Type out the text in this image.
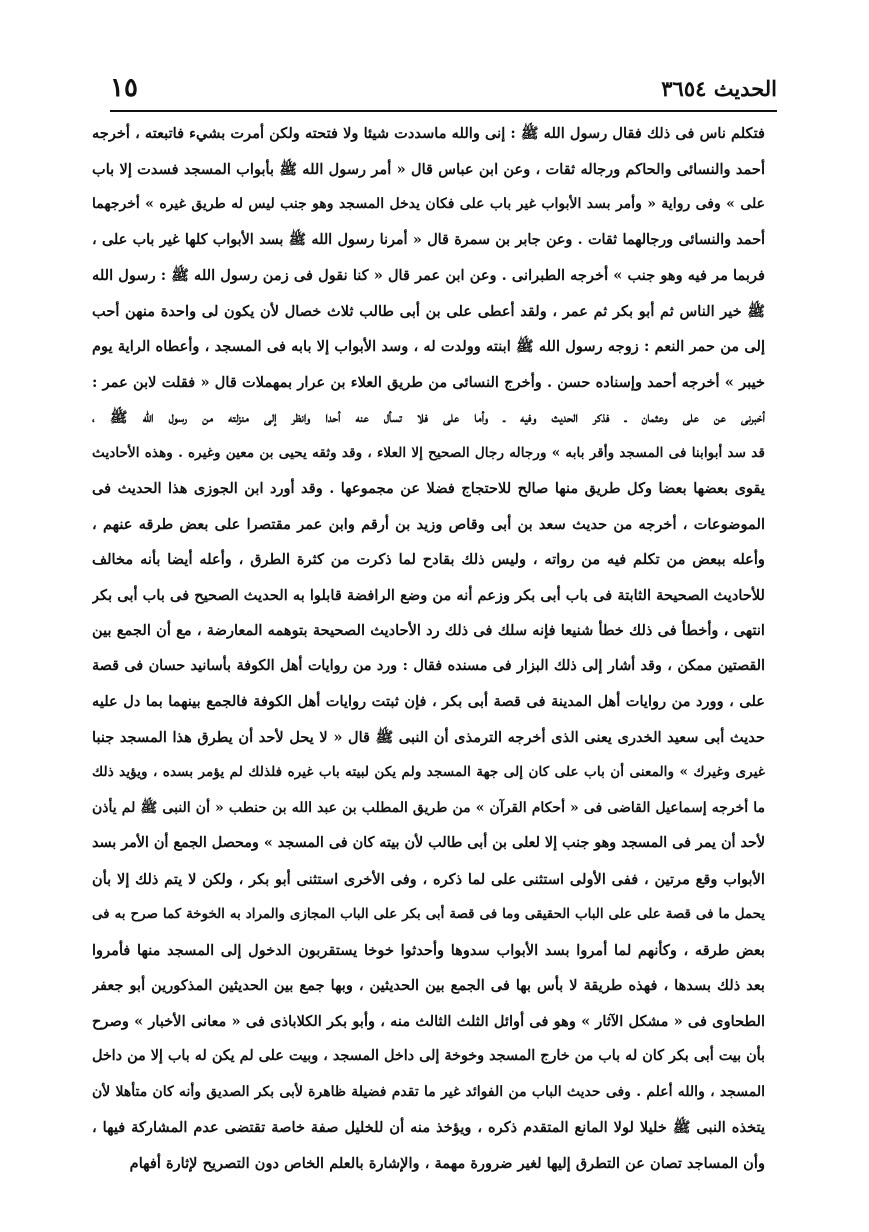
الحديث ٣٦٥٤
١٥
فتكلم ناس فى ذلك فقال رسول الله ﷺ : إنى والله ماسددت شيئا ولا فتحته ولكن أمرت بشيء فاتبعته ، أخرجه
أحمد والنسائى والحاكم ورجاله ثقات ، وعن ابن عباس قال « أمر رسول الله ﷺ بأبواب المسجد فسدت إلا باب
على » وفى رواية « وأمر بسد الأبواب غير باب على فكان يدخل المسجد وهو جنب ليس له طريق غيره » أخرجهما
أحمد والنسائى ورجالهما ثقات . وعن جابر بن سمرة قال « أمرنا رسول الله ﷺ بسد الأبواب كلها غير باب على ،
فربما مر فيه وهو جنب » أخرجه الطبرانى . وعن ابن عمر قال « كنا نقول فى زمن رسول الله ﷺ : رسول الله
ﷺ خير الناس ثم أبو بكر ثم عمر ، ولقد أعطى على بن أبى طالب ثلاث خصال لأن يكون لى واحدة منهن أحب
إلى من حمر النعم : زوجه رسول الله ﷺ ابنته وولدت له ، وسد الأبواب إلا بابه فى المسجد ، وأعطاه الراية يوم
خيبر » أخرجه أحمد وإسناده حسن . وأخرج النسائى من طريق العلاء بن عرار بمهملات قال « فقلت لابن عمر :
أخبرنى عن على وعثمان ـ فذكر الحديث وفيه ـ وأما على فلا تسأل عنه أحدا وانظر إلى منزلته من رسول الله ﷺ ،
قد سد أبوابنا فى المسجد وأقر بابه » ورجاله رجال الصحيح إلا العلاء ، وقد وثقه يحيى بن معين وغيره . وهذه الأحاديث
يقوى بعضها بعضا وكل طريق منها صالح للاحتجاج فضلا عن مجموعها . وقد أورد ابن الجوزى هذا الحديث فى
الموضوعات ، أخرجه من حديث سعد بن أبى وقاص وزيد بن أرقم وابن عمر مقتصرا على بعض طرقه عنهم ،
وأعله ببعض من تكلم فيه من رواته ، وليس ذلك بقادح لما ذكرت من كثرة الطرق ، وأعله أيضا بأنه مخالف
للأحاديث الصحيحة الثابتة فى باب أبى بكر وزعم أنه من وضع الرافضة قابلوا به الحديث الصحيح فى باب أبى بكر
انتهى ، وأخطأ فى ذلك خطأ شنيعا فإنه سلك فى ذلك رد الأحاديث الصحيحة بتوهمه المعارضة ، مع أن الجمع بين
القصتين ممكن ، وقد أشار إلى ذلك البزار فى مسنده فقال : ورد من روايات أهل الكوفة بأسانيد حسان فى قصة
على ، وورد من روايات أهل المدينة فى قصة أبى بكر ، فإن ثبتت روايات أهل الكوفة فالجمع بينهما بما دل عليه
حديث أبى سعيد الخدرى يعنى الذى أخرجه الترمذى أن النبى ﷺ قال « لا يحل لأحد أن يطرق هذا المسجد جنبا
غيرى وغيرك » والمعنى أن باب على كان إلى جهة المسجد ولم يكن لبيته باب غيره فلذلك لم يؤمر بسده ، ويؤيد ذلك
ما أخرجه إسماعيل القاضى فى « أحكام القرآن » من طريق المطلب بن عبد الله بن حنطب « أن النبى ﷺ لم يأذن
لأحد أن يمر فى المسجد وهو جنب إلا لعلى بن أبى طالب لأن بيته كان فى المسجد » ومحصل الجمع أن الأمر بسد
الأبواب وقع مرتين ، ففى الأولى استثنى على لما ذكره ، وفى الأخرى استثنى أبو بكر ، ولكن لا يتم ذلك إلا بأن
يحمل ما فى قصة على على الباب الحقيقى وما فى قصة أبى بكر على الباب المجازى والمراد به الخوخة كما صرح به فى
بعض طرقه ، وكأنهم لما أمروا بسد الأبواب سدوها وأحدثوا خوخا يستقربون الدخول إلى المسجد منها فأمروا
بعد ذلك بسدها ، فهذه طريقة لا بأس بها فى الجمع بين الحديثين ، وبها جمع بين الحديثين المذكورين أبو جعفر
الطحاوى فى « مشكل الآثار » وهو فى أوائل الثلث الثالث منه ، وأبو بكر الكلاباذى فى « معانى الأخبار » وصرح
بأن بيت أبى بكر كان له باب من خارج المسجد وخوخة إلى داخل المسجد ، وبيت على لم يكن له باب إلا من داخل
المسجد ، والله أعلم . وفى حديث الباب من الفوائد غير ما تقدم فضيلة ظاهرة لأبى بكر الصديق وأنه كان متأهلا لأن
يتخذه النبى ﷺ خليلا لولا المانع المتقدم ذكره ، ويؤخذ منه أن للخليل صفة خاصة تقتضى عدم المشاركة فيها ،
وأن المساجد تصان عن التطرق إليها لغير ضرورة مهمة ، والإشارة بالعلم الخاص دون التصريح لإثارة أفهام
